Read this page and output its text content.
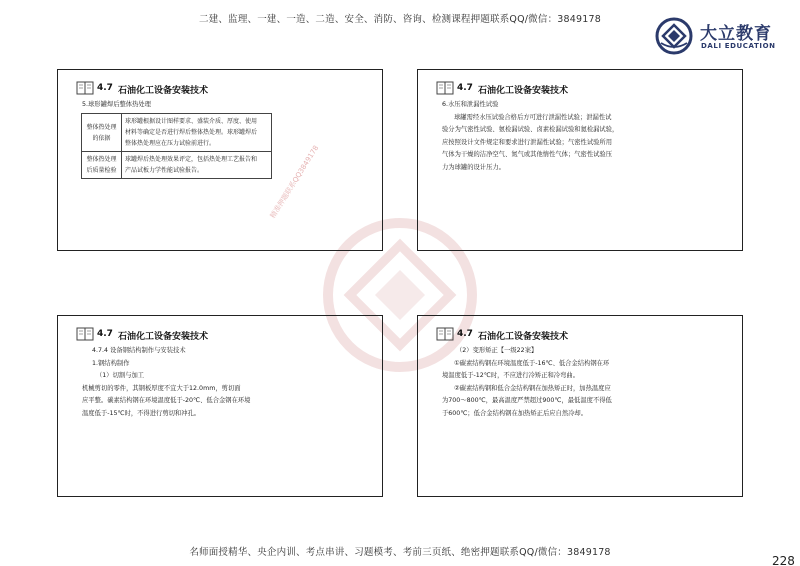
二建、监理、一建、一造、二造、安全、消防、咨询、检测课程押题联系QQ/微信：3849178
大立教育
DALI EDUCATION
精准押题联系QQ3849178
4.7 石油化工设备安装技术
5.球形罐焊后整体热处理
整体热处理
的依据	球形罐根据设计图样要求、盛装介质、厚度、使用
材料等确定是否进行焊后整体热处理。球形罐焊后
整体热处理应在压力试验前进行。

整体热处理
后质量检验	球罐焊后热处理效果评定，包括热处理工艺报告和
产品试板力学性能试验报告。
4.7 石油化工设备安装技术
6.水压和泄漏性试验
球罐需经水压试验合格后方可进行泄漏性试验；泄漏性试
验分为气密性试验、氨检漏试验、卤素检漏试验和氦检漏试验，
应按照设计文件规定和要求进行泄漏性试验；气密性试验所用
气体为干燥的洁净空气、氮气或其他惰性气体；气密性试验压
力为球罐的设计压力。
4.7 石油化工设备安装技术
4.7.4 设备钢结构制作与安装技术
1.钢结构制作
（1）切割与加工
机械剪切的零件，其钢板厚度不宜大于12.0mm，剪切面
应平整。碳素结构钢在环境温度低于-20℃、低合金钢在环境
温度低于-15℃时，不得进行剪切和冲孔。
4.7 石油化工设备安装技术
（2）变形矫正【一级22案】
①碳素结构钢在环境温度低于-16℃、低合金结构钢在环
境温度低于-12℃时，不应进行冷矫正和冷弯曲。
②碳素结构钢和低合金结构钢在加热矫正时，加热温度应
为700～800℃，最高温度严禁超过900℃，最低温度不得低
于600℃；低合金结构钢在加热矫正后应自然冷却。
名师面授精华、央企内训、考点串讲、习题模考、考前三页纸、绝密押题联系QQ/微信：3849178
228
